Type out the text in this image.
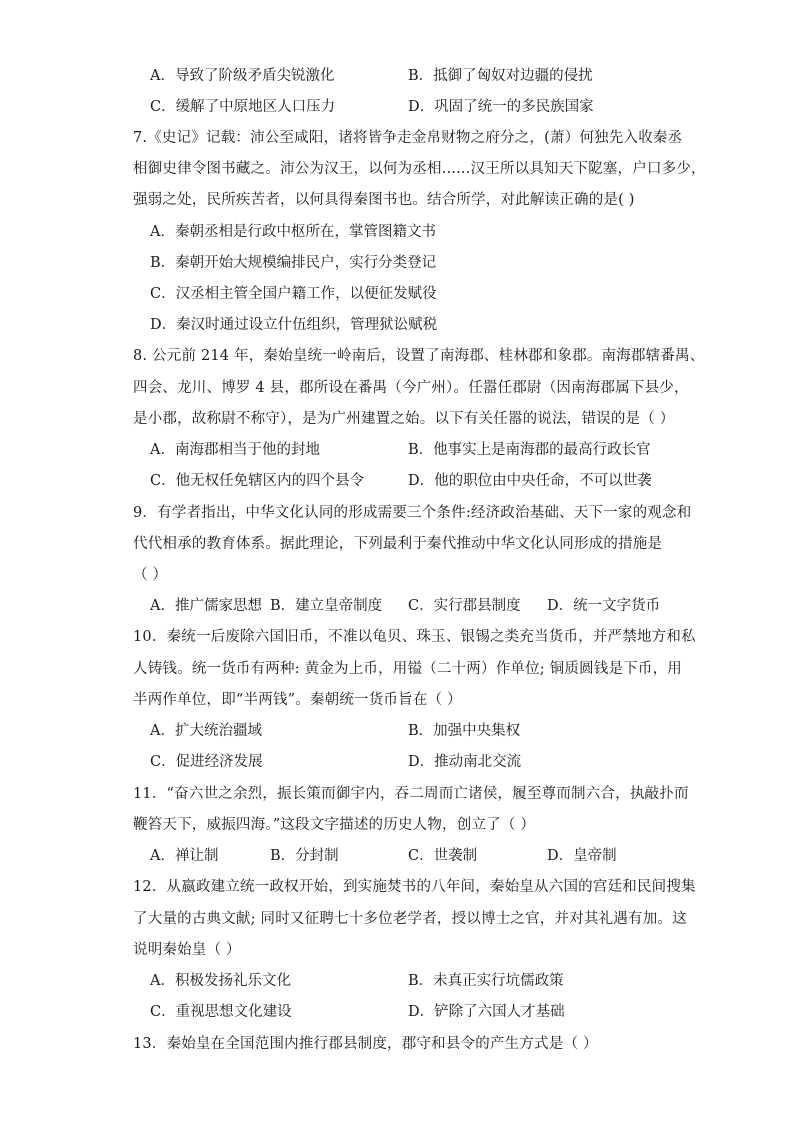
A．导致了阶级矛盾尖锐激化	B．抵御了匈奴对边疆的侵扰
C．缓解了中原地区人口压力	D．巩固了统一的多民族国家
7.《史记》记载：沛公至咸阳，诸将皆争走金帛财物之府分之，(萧）何独先入收秦丞
相御史律令图书藏之。沛公为汉王，以何为丞相......汉王所以具知天下阸塞，户口多少，
强弱之处，民所疾苦者，以何具得秦图书也。结合所学，对此解读正确的是( )
A．秦朝丞相是行政中枢所在，掌管图籍文书
B．秦朝开始大规模编排民户，实行分类登记
C．汉丞相主管全国户籍工作，以便征发赋役
D．秦汉时通过设立什伍组织，管理狱讼赋税
8. 公元前 214 年，秦始皇统一岭南后，设置了南海郡、桂林郡和象郡。南海郡辖番禺、
四会、龙川、博罗 4 县，郡所设在番禺（今广州）。任嚣任郡尉（因南海郡属下县少，
是小郡，故称尉不称守），是为广州建置之始。以下有关任嚣的说法，错误的是（ ）
A．南海郡相当于他的封地	B．他事实上是南海郡的最高行政长官
C．他无权任免辖区内的四个县令	D．他的职位由中央任命，不可以世袭
9．有学者指出，中华文化认同的形成需要三个条件:经济政治基础、天下一家的观念和
代代相承的教育体系。据此理论，下列最利于秦代推动中华文化认同形成的措施是
（ ）
A．推广儒家思想 B．建立皇帝制度 C．实行郡县制度 D．统一文字货币
10．秦统一后废除六国旧币，不准以龟贝、珠玉、银锡之类充当货币，并严禁地方和私
人铸钱。统一货币有两种: 黄金为上币，用镒（二十两）作单位; 铜质圆钱是下币，用
半两作单位，即“半两钱”。秦朝统一货币旨在（ ）
A．扩大统治疆域	B．加强中央集权
C．促进经济发展	D．推动南北交流
11．“奋六世之余烈，振长策而御宇内，吞二周而亡诸侯，履至尊而制六合，执敲扑而
鞭笞天下，威振四海。”这段文字描述的历史人物，创立了（ ）
A．禅让制	B．分封制	C．世袭制	D．皇帝制
12．从嬴政建立统一政权开始，到实施焚书的八年间，秦始皇从六国的宫廷和民间搜集
了大量的古典文献; 同时又征聘七十多位老学者，授以博士之官，并对其礼遇有加。这
说明秦始皇（ ）
A．积极发扬礼乐文化	B．未真正实行坑儒政策
C．重视思想文化建设	D．铲除了六国人才基础
13．秦始皇在全国范围内推行郡县制度，郡守和县令的产生方式是（ ）
